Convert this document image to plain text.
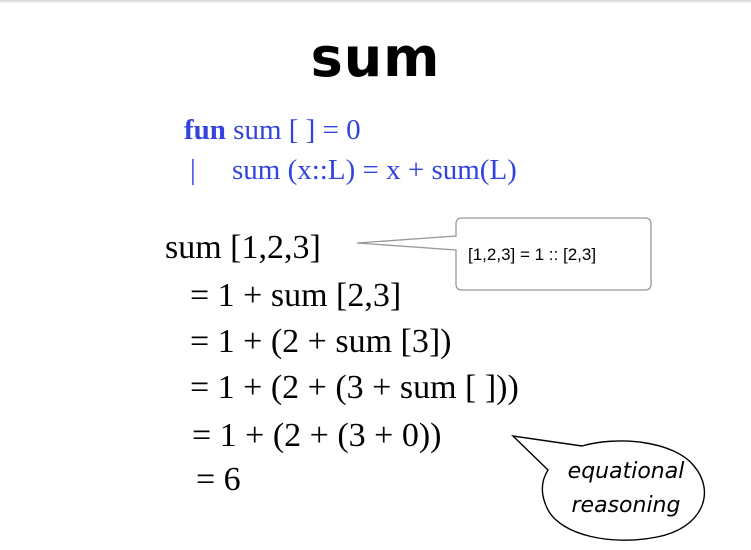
sum
fun sum [ ] = 0
| sum (x::L) = x + sum(L)
sum [1,2,3]
= 1 + sum [2,3]
= 1 + (2 + sum [3])
= 1 + (2 + (3 + sum [ ]))
= 1 + (2 + (3 + 0))
= 6
[1,2,3] = 1 :: [2,3]
equational
reasoning
